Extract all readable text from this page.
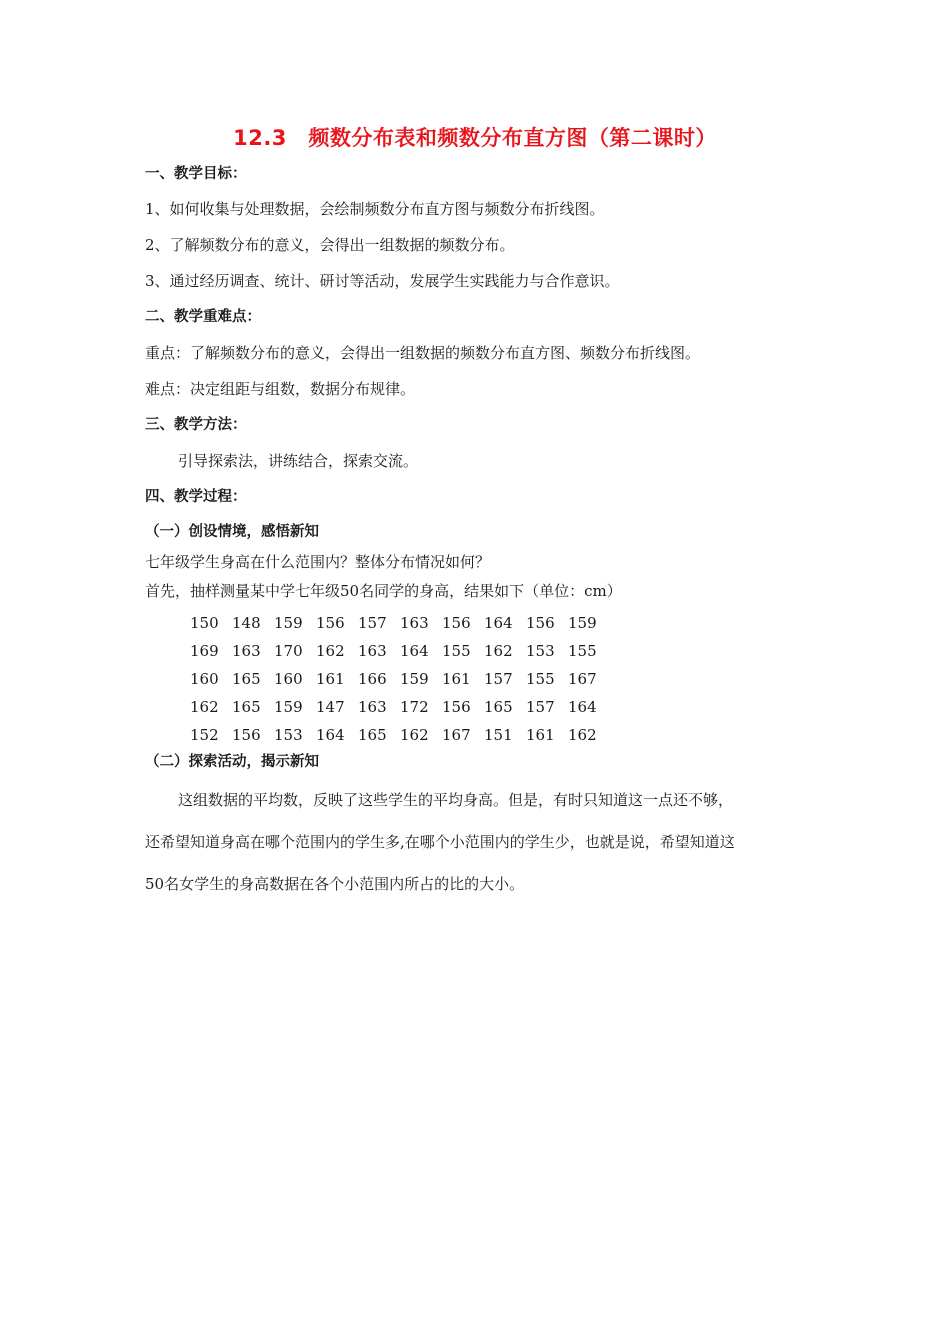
12.3　频数分布表和频数分布直方图（第二课时）
一、教学目标：
1、如何收集与处理数据，会绘制频数分布直方图与频数分布折线图。
2、了解频数分布的意义，会得出一组数据的频数分布。
3、通过经历调查、统计、研讨等活动，发展学生实践能力与合作意识。
二、教学重难点：
重点：了解频数分布的意义，会得出一组数据的频数分布直方图、频数分布折线图。
难点：决定组距与组数，数据分布规律。
三、教学方法：
引导探索法，讲练结合，探索交流。
四、教学过程：
（一）创设情境，感悟新知
七年级学生身高在什么范围内？整体分布情况如何？
首先，抽样测量某中学七年级50名同学的身高，结果如下（单位：cm）
150	148	159	156	157	163	156	164	156	159
169	163	170	162	163	164	155	162	153	155
160	165	160	161	166	159	161	157	155	167
162	165	159	147	163	172	156	165	157	164
152	156	153	164	165	162	167	151	161	162
（二）探索活动，揭示新知
这组数据的平均数，反映了这些学生的平均身高。但是，有时只知道这一点还不够，
还希望知道身高在哪个范围内的学生多,在哪个小范围内的学生少，也就是说，希望知道这
50名女学生的身高数据在各个小范围内所占的比的大小。
